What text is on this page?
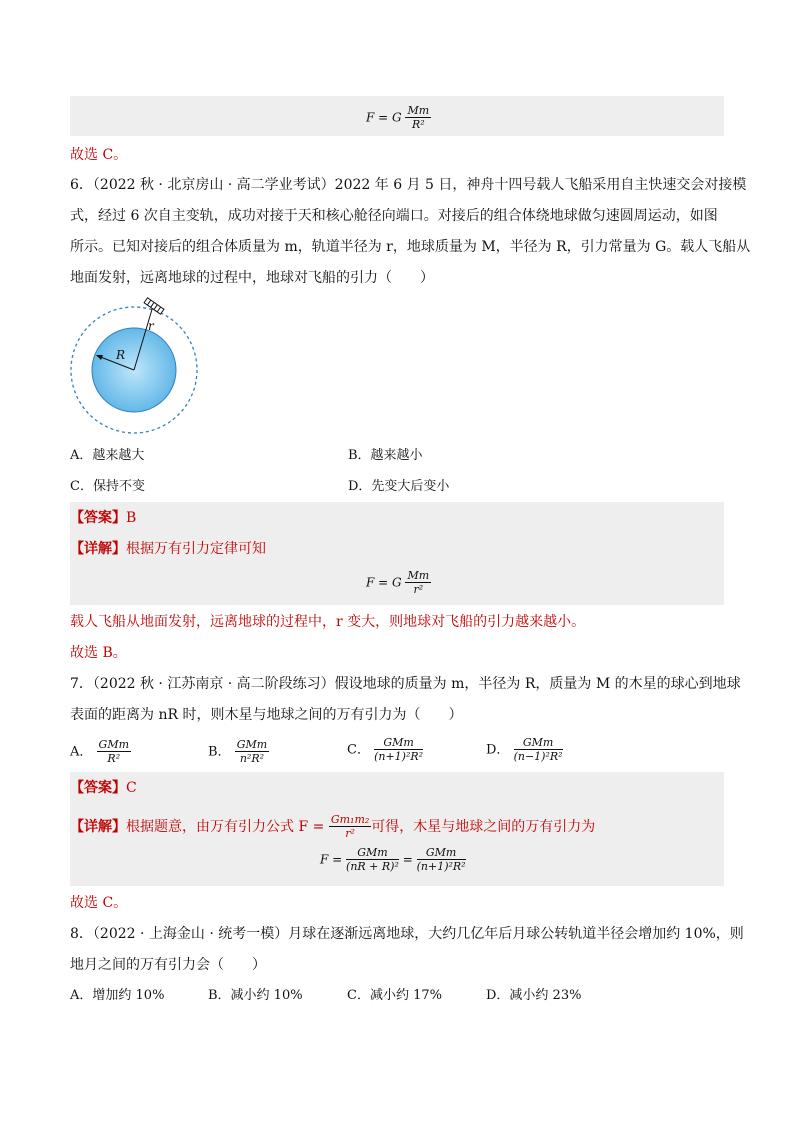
F = G $\frac{Mm}{\text{R²}}$
故选 C。
6．（2022 秋 · 北京房山 · 高二学业考试）2022 年 6 月 5 日，神舟十四号载人飞船采用自主快速交会对接模
式，经过 6 次自主变轨，成功对接于天和核心舱径向端口。对接后的组合体绕地球做匀速圆周运动，如图
所示。已知对接后的组合体质量为 m，轨道半径为 r，地球质量为 M，半径为 R，引力常量为 G。载人飞船从
地面发射，远离地球的过程中，地球对飞船的引力（　　）
R
r
A．越来越大	B．越来越小
C．保持不变	D．先变大后变小
【答案】B
【详解】根据万有引力定律可知
F = G $\frac{Mm}{\text{r²}}$
载人飞船从地面发射，远离地球的过程中，r 变大，则地球对飞船的引力越来越小。
故选 B。
7．（2022 秋 · 江苏南京 · 高二阶段练习）假设地球的质量为 m，半径为 R，质量为 M 的木星的球心到地球
表面的距离为 nR 时，则木星与地球之间的万有引力为（　　）
A． $\frac{\text{GMm}}{\text{R²}}$	B． $\frac{\text{GMm}}{\text{n²R²}}$	C． $\frac{\text{GMm}}{\text{(n+1)²R²}}$	D． $\frac{\text{GMm}}{\text{(n−1)²R²}}$
【答案】C
【详解】根据题意，由万有引力公式 $F = \frac{\text{Gm₁m₂}}{\text{r²}}$ 可得，木星与地球之间的万有引力为
$F = \frac{\text{GMm}}{\text{(nR + R)²}} = \frac{\text{GMm}}{\text{(n+1)²R²}}$
故选 C。
8．（2022 · 上海金山 · 统考一模）月球在逐渐远离地球，大约几亿年后月球公转轨道半径会增加约 10%，则
地月之间的万有引力会（　　）
A．增加约 10%	B．减小约 10%	C．减小约 17%	D．减小约 23%
